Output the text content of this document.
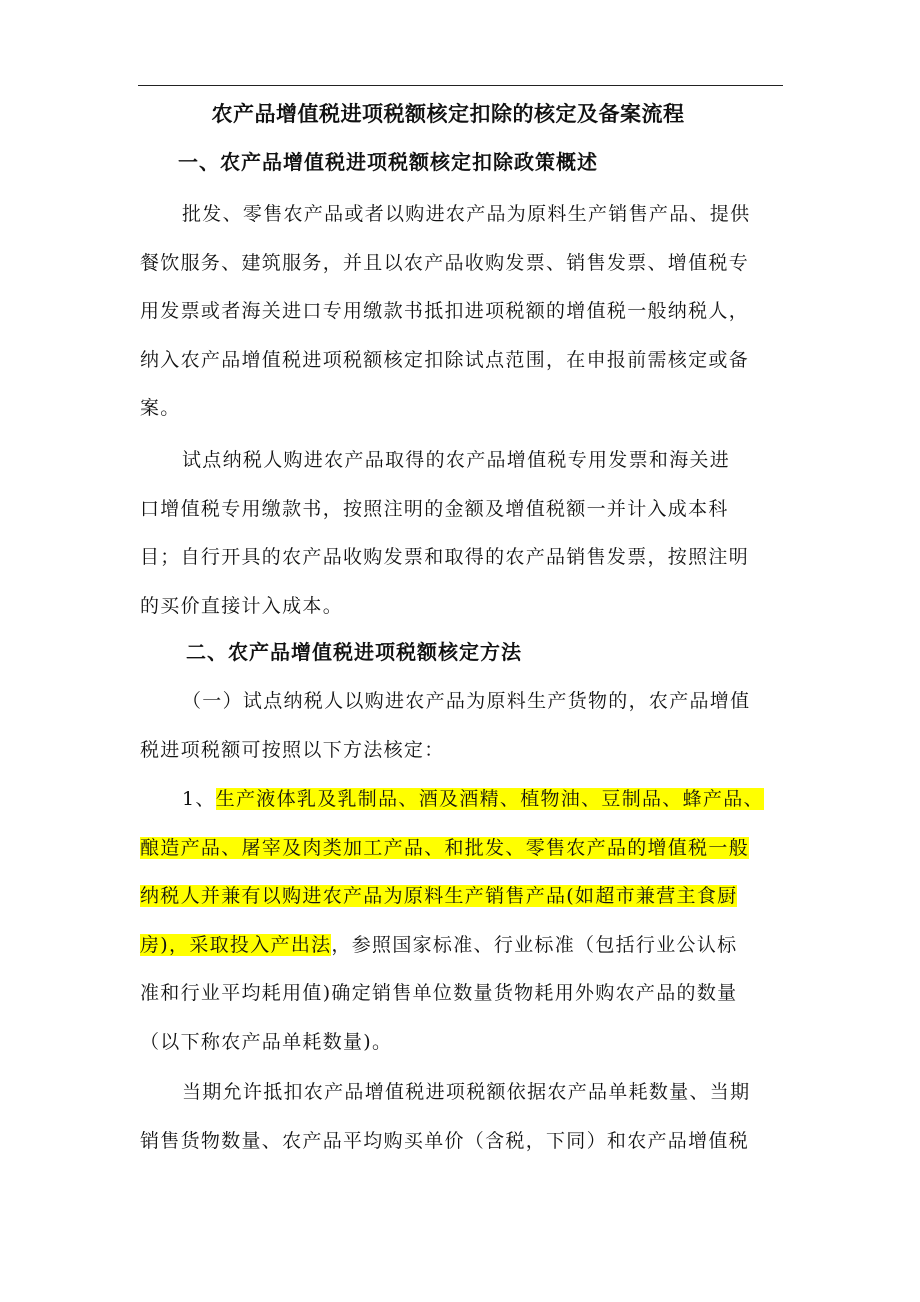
农产品增值税进项税额核定扣除的核定及备案流程
一、农产品增值税进项税额核定扣除政策概述
批发、零售农产品或者以购进农产品为原料生产销售产品、提供
餐饮服务、建筑服务，并且以农产品收购发票、销售发票、增值税专
用发票或者海关进口专用缴款书抵扣进项税额的增值税一般纳税人，
纳入农产品增值税进项税额核定扣除试点范围，在申报前需核定或备
案。
试点纳税人购进农产品取得的农产品增值税专用发票和海关进
口增值税专用缴款书，按照注明的金额及增值税额一并计入成本科
目；自行开具的农产品收购发票和取得的农产品销售发票，按照注明
的买价直接计入成本。
二、农产品增值税进项税额核定方法
（一）试点纳税人以购进农产品为原料生产货物的，农产品增值
税进项税额可按照以下方法核定：
1、生产液体乳及乳制品、酒及酒精、植物油、豆制品、蜂产品、
酿造产品、屠宰及肉类加工产品、和批发、零售农产品的增值税一般
纳税人并兼有以购进农产品为原料生产销售产品(如超市兼营主食厨
房)，采取投入产出法，参照国家标准、行业标准（包括行业公认标
准和行业平均耗用值)确定销售单位数量货物耗用外购农产品的数量
（以下称农产品单耗数量)。
当期允许抵扣农产品增值税进项税额依据农产品单耗数量、当期
销售货物数量、农产品平均购买单价（含税，下同）和农产品增值税
